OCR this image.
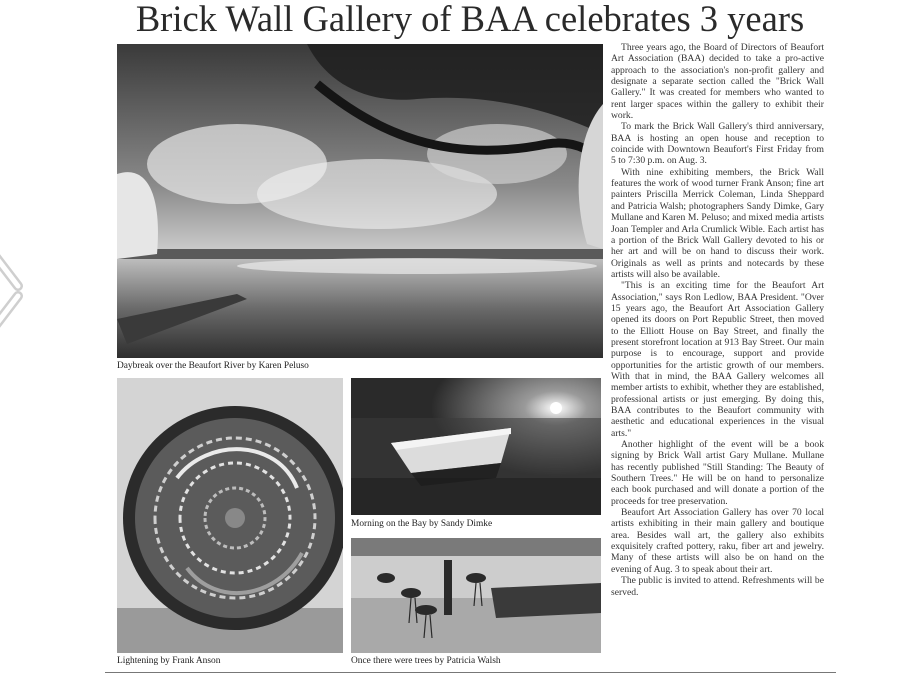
Brick Wall Gallery of BAA celebrates 3 years

Daybreak over the Beaufort River by Karen Peluso

Lightening by Frank Anson

Morning on the Bay by Sandy Dimke

Once there were trees by Patricia Walsh

Three years ago, the Board of Directors of Beaufort Art Association (BAA) decided to take a pro-active approach to the association's non-profit gallery and designate a separate section called the "Brick Wall Gallery." It was created for members who wanted to rent larger spaces within the gallery to exhibit their work.

To mark the Brick Wall Gallery's third anniversary, BAA is hosting an open house and reception to coincide with Downtown Beaufort's First Friday from 5 to 7:30 p.m. on Aug. 3.

With nine exhibiting members, the Brick Wall features the work of wood turner Frank Anson; fine art painters Priscilla Merrick Coleman, Linda Sheppard and Patricia Walsh; photographers Sandy Dimke, Gary Mullane and Karen M. Peluso; and mixed media artists Joan Templer and Arla Crumlick Wible. Each artist has a portion of the Brick Wall Gallery devoted to his or her art and will be on hand to discuss their work. Originals as well as prints and notecards by these artists will also be available.

"This is an exciting time for the Beaufort Art Association," says Ron Ledlow, BAA President. "Over 15 years ago, the Beaufort Art Association Gallery opened its doors on Port Republic Street, then moved to the Elliott House on Bay Street, and finally the present storefront location at 913 Bay Street. Our main purpose is to encourage, support and provide opportunities for the artistic growth of our members. With that in mind, the BAA Gallery welcomes all member artists to exhibit, whether they are established, professional artists or just emerging. By doing this, BAA contributes to the Beaufort community with aesthetic and educational experiences in the visual arts."

Another highlight of the event will be a book signing by Brick Wall artist Gary Mullane. Mullane has recently published "Still Standing: The Beauty of Southern Trees." He will be on hand to personalize each book purchased and will donate a portion of the proceeds for tree preservation.

Beaufort Art Association Gallery has over 70 local artists exhibiting in their main gallery and boutique area. Besides wall art, the gallery also exhibits exquisitely crafted pottery, raku, fiber art and jewelry. Many of these artists will also be on hand on the evening of Aug. 3 to speak about their art.

The public is invited to attend. Refreshments will be served.
